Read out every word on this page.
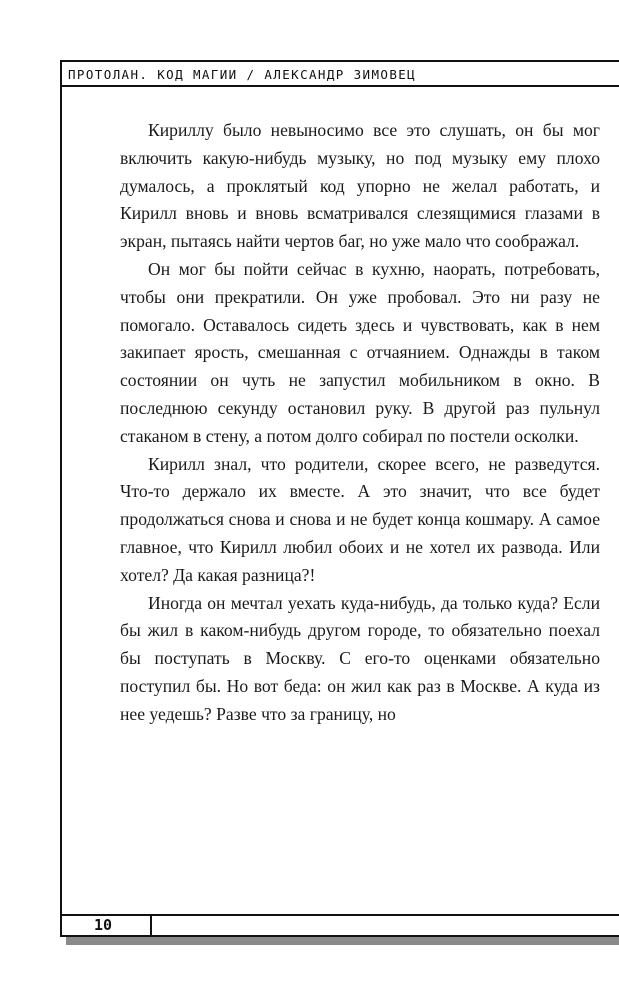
ПРОТОЛАН. КОД МАГИИ / АЛЕКСАНДР ЗИМОВЕЦ

Кириллу было невыносимо все это слушать, он бы мог включить какую-нибудь музыку, но под музыку ему плохо думалось, а проклятый код упорно не желал работать, и Кирилл вновь и вновь всматривался слезящимися глазами в экран, пытаясь найти чертов баг, но уже мало что соображал.

Он мог бы пойти сейчас в кухню, наорать, потребовать, чтобы они прекратили. Он уже пробовал. Это ни разу не помогало. Оставалось сидеть здесь и чувствовать, как в нем закипает ярость, смешанная с отчаянием. Однажды в таком состоянии он чуть не запустил мобильником в окно. В последнюю секунду остановил руку. В другой раз пульнул стаканом в стену, а потом долго собирал по постели осколки.

Кирилл знал, что родители, скорее всего, не разведутся. Что-то держало их вместе. А это значит, что все будет продолжаться снова и снова и не будет конца кошмару. А самое главное, что Кирилл любил обоих и не хотел их развода. Или хотел? Да какая разница?!

Иногда он мечтал уехать куда-нибудь, да только куда? Если бы жил в каком-нибудь другом городе, то обязательно поехал бы поступать в Москву. С его-то оценками обязательно поступил бы. Но вот беда: он жил как раз в Москве. А куда из нее уедешь? Разве что за границу, но

10
